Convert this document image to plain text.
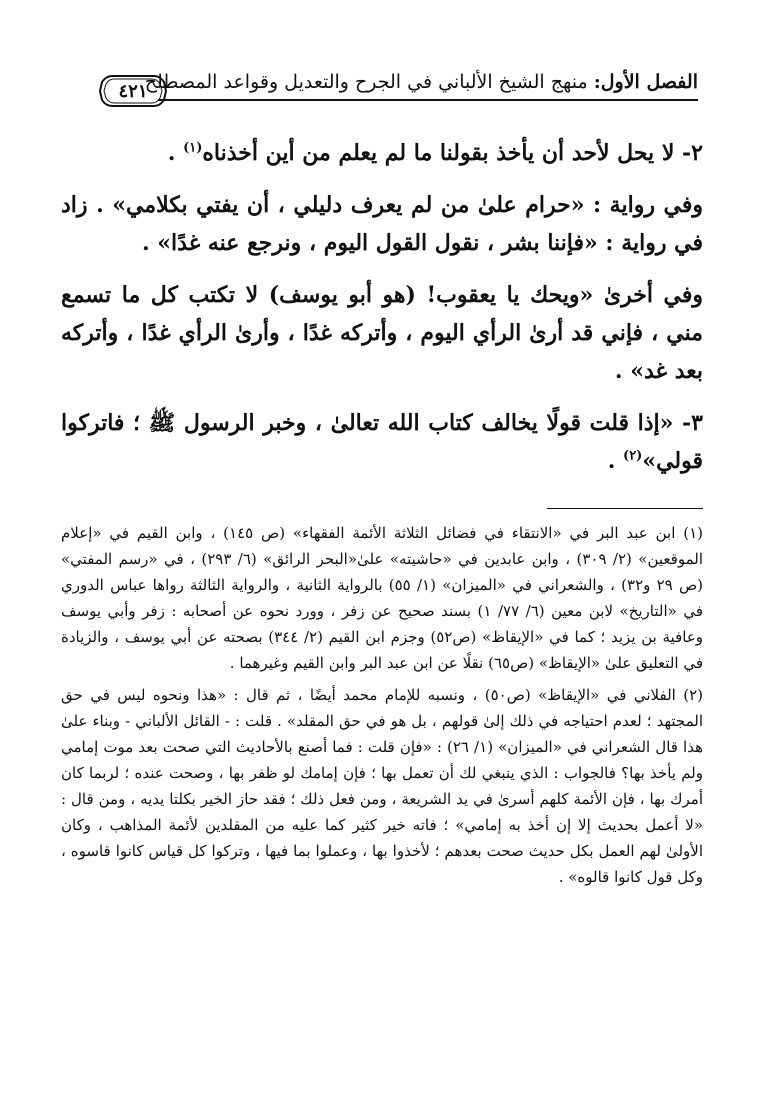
الفصل الأول: منهج الشيخ الألباني في الجرح والتعديل وقواعد المصطلح
٤٢١

٢- لا يحل لأحد أن يأخذ بقولنا ما لم يعلم من أين أخذناه$^{(١)}$ .

وفي رواية : «حرام علىٰ من لم يعرف دليلي ، أن يفتي بكلامي» . زاد في رواية : «فإننا بشر ، نقول القول اليوم ، ونرجع عنه غدًا» .

وفي أخرىٰ «ويحك يا يعقوب! (هو أبو يوسف) لا تكتب كل ما تسمع مني ، فإني قد أرىٰ الرأي اليوم ، وأتركه غدًا ، وأرىٰ الرأي غدًا ، وأتركه بعد غد» .

٣- «إذا قلت قولًا يخالف كتاب الله تعالىٰ ، وخبر الرسول ﷺ ؛ فاتركوا قولي»$^{(٢)}$ .

(١) ابن عبد البر في «الانتقاء في فضائل الثلاثة الأئمة الفقهاء» (ص ١٤٥) ، وابن القيم في «إعلام الموقعين» (٢/ ٣٠٩) ، وابن عابدين في «حاشيته» علىٰ«البحر الرائق» (٦/ ٢٩٣) ، في «رسم المفتي» (ص ٢٩ و٣٢) ، والشعراني في «الميزان» (١/ ٥٥) بالرواية الثانية ، والرواية الثالثة رواها عباس الدوري في «التاريخ» لابن معين (٦/ ٧٧/ ١) بسند صحيح عن زفر ، وورد نحوه عن أصحابه : زفر وأبي يوسف وعافية بن يزيد ؛ كما في «الإيقاظ» (ص٥٢) وجزم ابن القيم (٢/ ٣٤٤) بصحته عن أبي يوسف ، والزيادة في التعليق علىٰ «الإيقاظ» (ص٦٥) نقلًا عن ابن عبد البر وابن القيم وغيرهما .

(٢) الفلاني في «الإيقاظ» (ص٥٠) ، ونسبه للإمام محمد أيضًا ، ثم قال : «هذا ونحوه ليس في حق المجتهد ؛ لعدم احتياجه في ذلك إلىٰ قولهم ، بل هو في حق المقلد» . قلت : - القائل الألباني - وبناء علىٰ هذا قال الشعراني في «الميزان» (١/ ٢٦) : «فإن قلت : فما أصنع بالأحاديث التي صحت بعد موت إمامي ولم يأخذ بها؟ فالجواب : الذي ينبغي لك أن تعمل بها ؛ فإن إمامك لو ظفر بها ، وصحت عنده ؛ لربما كان أمرك بها ، فإن الأئمة كلهم أسرىٰ في يد الشريعة ، ومن فعل ذلك ؛ فقد حاز الخير بكلتا يديه ، ومن قال : «لا أعمل بحديث إلا إن أخذ به إمامي» ؛ فاته خير كثير كما عليه من المقلدين لأئمة المذاهب ، وكان الأولىٰ لهم العمل بكل حديث صحت بعدهم ؛ لأخذوا بها ، وعملوا بما فيها ، وتركوا كل قياس كانوا قاسوه ، وكل قول كانوا قالوه» .
